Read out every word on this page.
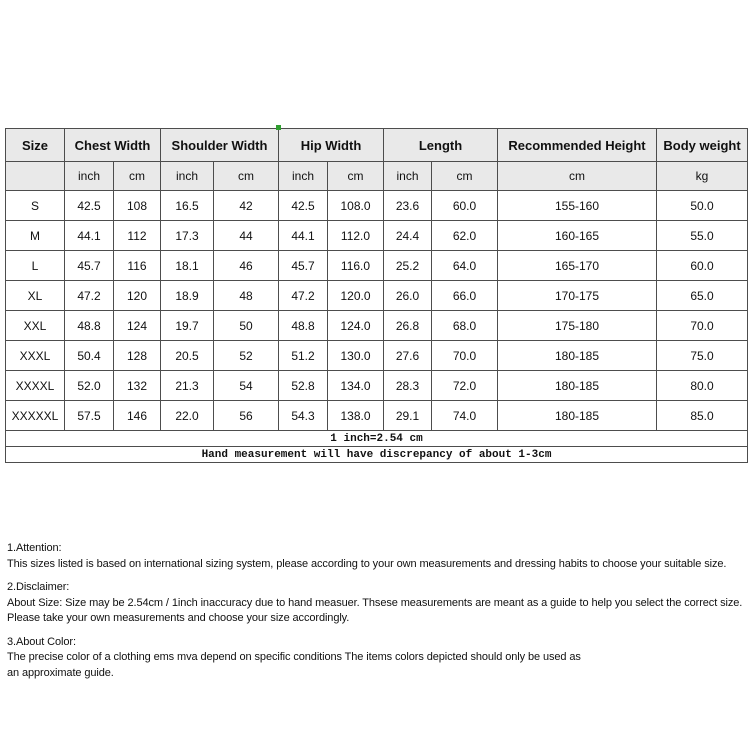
Size	Chest Width		Shoulder Width		Hip Width		Length		Recommended Height	Body weight
	inch	cm	inch	cm	inch	cm	inch	cm	cm	kg
S	42.5	108	16.5	42	42.5	108.0	23.6	60.0	155-160	50.0
M	44.1	112	17.3	44	44.1	112.0	24.4	62.0	160-165	55.0
L	45.7	116	18.1	46	45.7	116.0	25.2	64.0	165-170	60.0
XL	47.2	120	18.9	48	47.2	120.0	26.0	66.0	170-175	65.0
XXL	48.8	124	19.7	50	48.8	124.0	26.8	68.0	175-180	70.0
XXXL	50.4	128	20.5	52	51.2	130.0	27.6	70.0	180-185	75.0
XXXXL	52.0	132	21.3	54	52.8	134.0	28.3	72.0	180-185	80.0
XXXXXL	57.5	146	22.0	56	54.3	138.0	29.1	74.0	180-185	85.0
1 inch=2.54 cm										
Hand measurement will have discrepancy of about 1-3cm										
1.Attention:
This sizes listed is based on international sizing system, please according to your own measurements and dressing habits to choose your suitable size.
2.Disclaimer:
About Size: Size may be 2.54cm / 1inch inaccuracy due to hand measuer. Thsese measurements are meant as a guide to help you select the correct size.
Please take your own measurements and choose your size accordingly.
3.About Color:
The precise color of a clothing ems mva depend on specific conditions The items colors depicted should only be used as
an approximate guide.
